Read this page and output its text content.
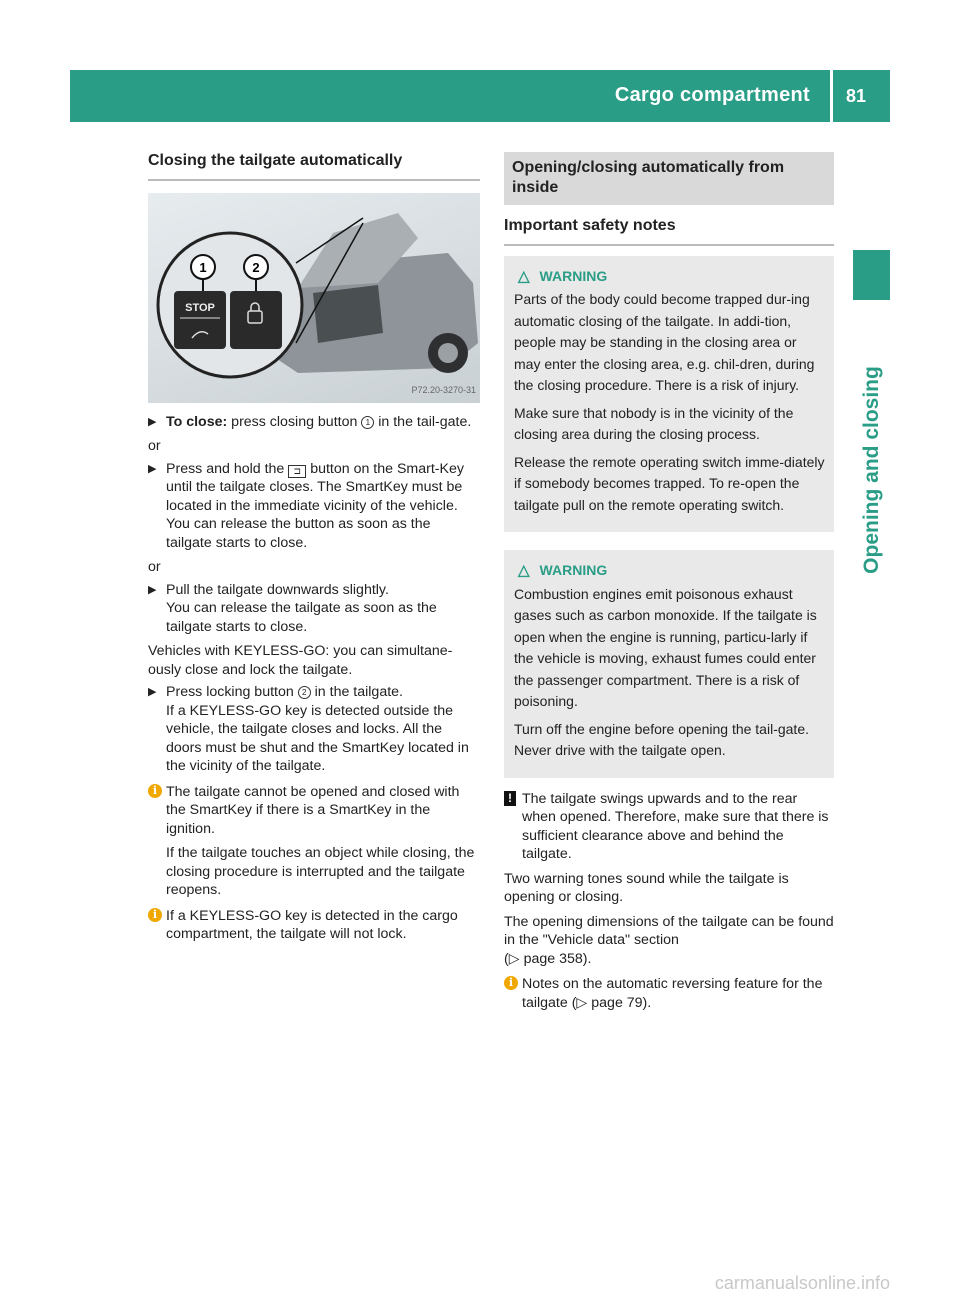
Cargo compartment 81
Opening and closing
Closing the tailgate automatically
STOP
1	2
P72.20-3270-31
▶ To close: press closing button 1 in the tail-gate.

or

▶ Press and hold the ⊐ button on the Smart-Key until the tailgate closes. The SmartKey must be located in the immediate vicinity of the vehicle.
You can release the button as soon as the tailgate starts to close.

or

▶ Pull the tailgate downwards slightly.
You can release the tailgate as soon as the tailgate starts to close.

Vehicles with KEYLESS-GO: you can simultane-ously close and lock the tailgate.

▶ Press locking button 2 in the tailgate.
If a KEYLESS-GO key is detected outside the vehicle, the tailgate closes and locks. All the doors must be shut and the SmartKey located in the vicinity of the tailgate.
i The tailgate cannot be opened and closed with the SmartKey if there is a SmartKey in the ignition.

If the tailgate touches an object while closing, the closing procedure is interrupted and the tailgate reopens.

i If a KEYLESS-GO key is detected in the cargo compartment, the tailgate will not lock.

Opening/closing automatically from inside
Important safety notes
△ WARNING

Parts of the body could become trapped dur-ing automatic closing of the tailgate. In addi-tion, people may be standing in the closing area or may enter the closing area, e.g. chil-dren, during the closing procedure. There is a risk of injury.

Make sure that nobody is in the vicinity of the closing area during the closing process.

Release the remote operating switch imme-diately if somebody becomes trapped. To re-open the tailgate pull on the remote operating switch.

△ WARNING

Combustion engines emit poisonous exhaust gases such as carbon monoxide. If the tailgate is open when the engine is running, particu-larly if the vehicle is moving, exhaust fumes could enter the passenger compartment. There is a risk of poisoning.

Turn off the engine before opening the tail-gate. Never drive with the tailgate open.

! The tailgate swings upwards and to the rear when opened. Therefore, make sure that there is sufficient clearance above and behind the tailgate.

Two warning tones sound while the tailgate is opening or closing.

The opening dimensions of the tailgate can be found in the "Vehicle data" section
(▷ page 358).

i Notes on the automatic reversing feature for the tailgate (▷ page 79).

carmanualsonline.info
